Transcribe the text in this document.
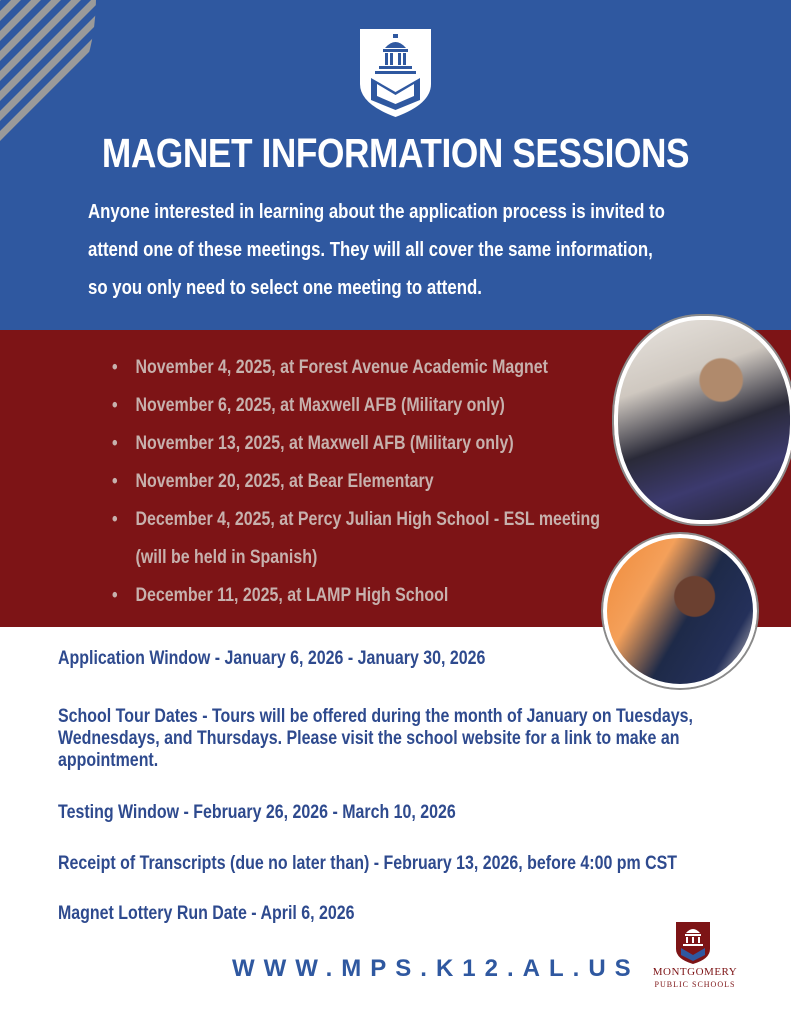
MAGNET INFORMATION SESSIONS
Anyone interested in learning about the application process is invited to
attend one of these meetings. They will all cover the same information,
so you only need to select one meeting to attend.
• November 4, 2025, at Forest Avenue Academic Magnet
• November 6, 2025, at Maxwell AFB (Military only)
• November 13, 2025, at Maxwell AFB (Military only)
• November 20, 2025, at Bear Elementary
• December 4, 2025, at Percy Julian High School - ESL meeting
(will be held in Spanish)
• December 11, 2025, at LAMP High School

Application Window - January 6, 2026 - January 30, 2026

School Tour Dates - Tours will be offered during the month of January on Tuesdays,

Wednesdays, and Thursdays. Please visit the school website for a link to make an

appointment.

Testing Window - February 26, 2026 - March 10, 2026

Receipt of Transcripts (due no later than) - February 13, 2026, before 4:00 pm CST

Magnet Lottery Run Date - April 6, 2026

WWW.MPS.K12.AL.US	MONTGOMERY
PUBLIC SCHOOLS
